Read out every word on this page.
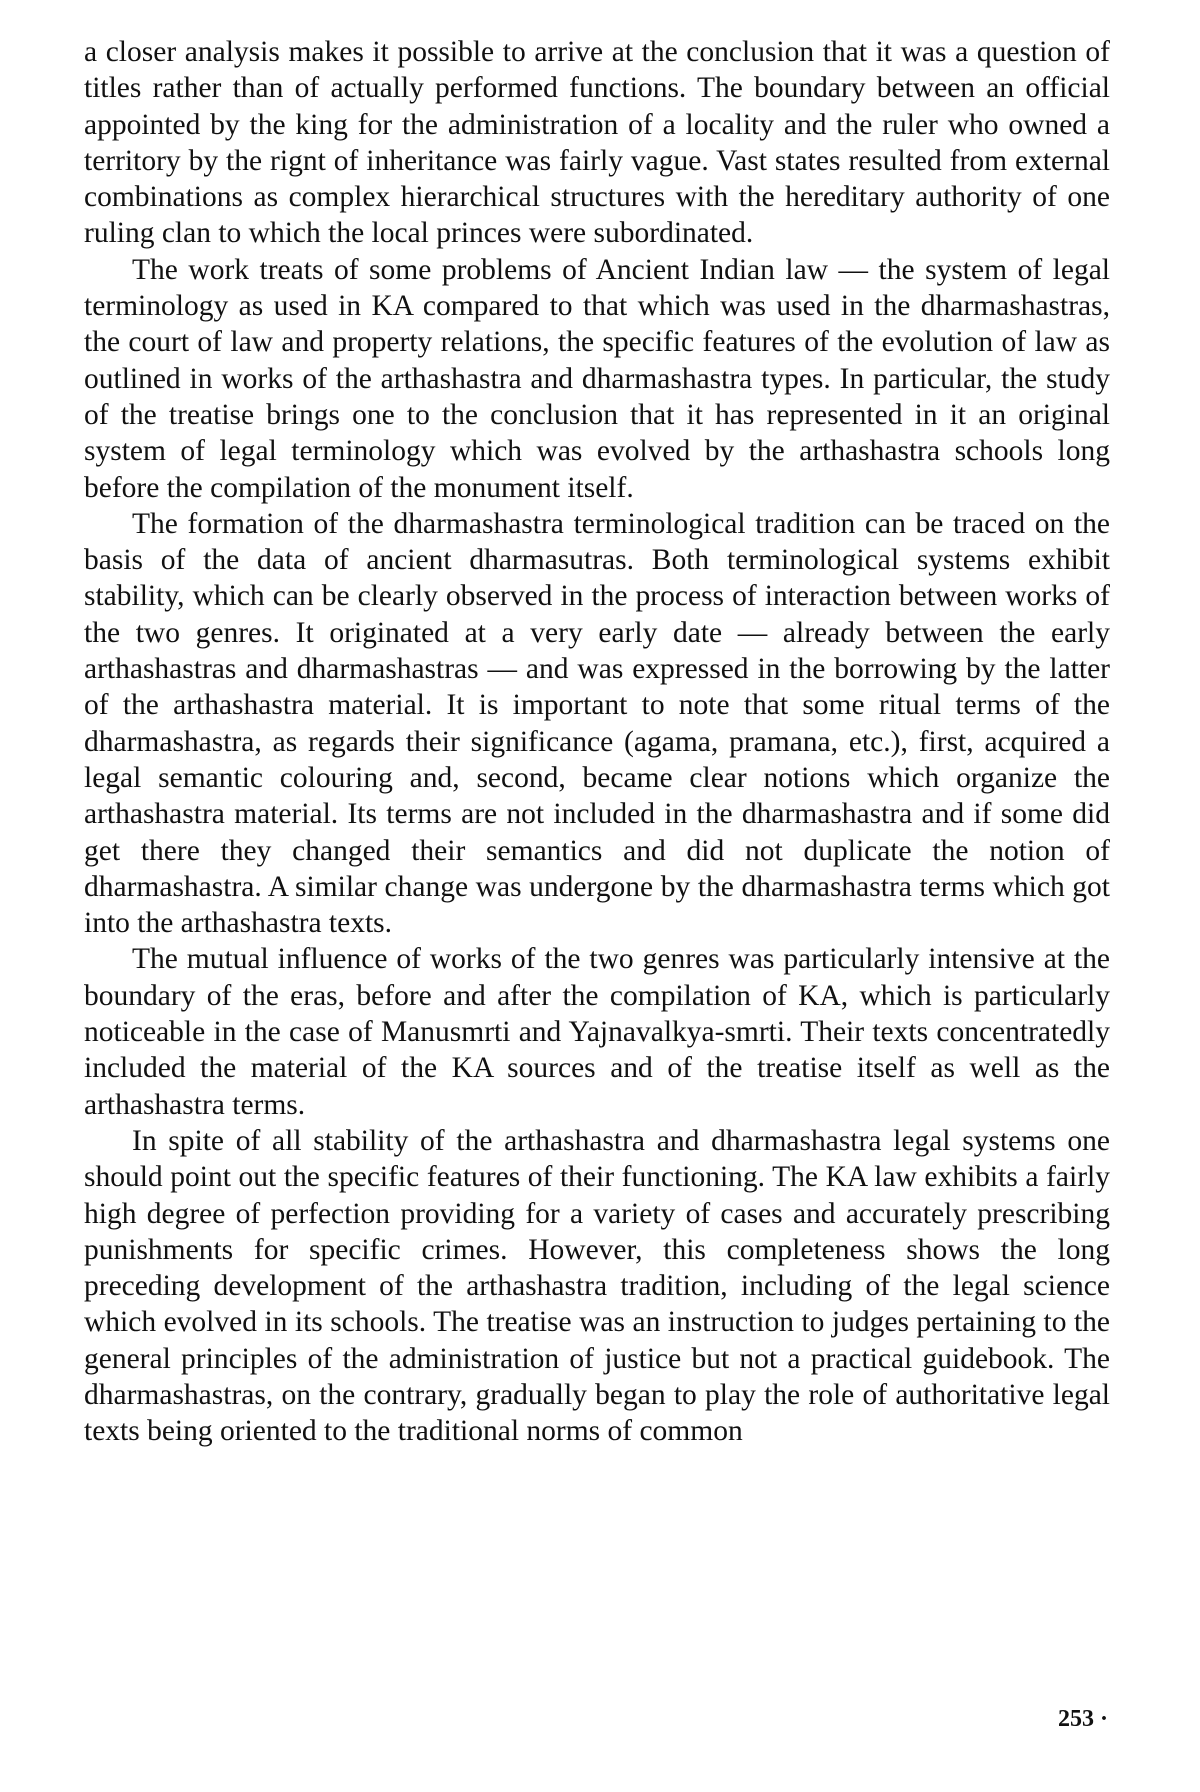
a closer analysis makes it possible to arrive at the conclusion that it was a question of titles rather than of actually performed functions. The boundary between an official appointed by the king for the administration of a locality and the ruler who owned a territory by the rignt of inheritance was fairly vague. Vast states resulted from external combinations as complex hierarchical structures with the hereditary authority of one ruling clan to which the local princes were subordinated.

The work treats of some problems of Ancient Indian law — the system of legal terminology as used in KA compared to that which was used in the dharmashastras, the court of law and property relations, the specific features of the evolution of law as outlined in works of the arthashastra and dharmashastra types. In particular, the study of the treatise brings one to the conclusion that it has represented in it an original system of legal terminology which was evolved by the arthashastra schools long before the compilation of the monument itself.

The formation of the dharmashastra terminological tradition can be traced on the basis of the data of ancient dharmasutras. Both terminological systems exhibit stability, which can be clearly observed in the process of interaction between works of the two genres. It originated at a very early date — already between the early arthashastras and dharmashastras — and was expressed in the borrowing by the latter of the arthashastra material. It is important to note that some ritual terms of the dharmashastra, as regards their significance (agama, pramana, etc.), first, acquired a legal semantic colouring and, second, became clear notions which organize the arthashastra material. Its terms are not included in the dharmashastra and if some did get there they changed their semantics and did not duplicate the notion of dharmashastra. A similar change was undergone by the dharmashastra terms which got into the arthashastra texts.

The mutual influence of works of the two genres was particularly intensive at the boundary of the eras, before and after the compilation of KA, which is particularly noticeable in the case of Manusmrti and Yajnavalkya-smrti. Their texts concentratedly included the material of the KA sources and of the treatise itself as well as the arthashastra terms.

In spite of all stability of the arthashastra and dharmashastra legal systems one should point out the specific features of their functioning. The KA law exhibits a fairly high degree of perfection providing for a variety of cases and accurately prescribing punishments for specific crimes. However, this completeness shows the long preceding development of the arthashastra tradition, including of the legal science which evolved in its schools. The treatise was an instruction to judges pertaining to the general principles of the administration of justice but not a practical guidebook. The dharmashastras, on the contrary, gradually began to play the role of authoritative legal texts being oriented to the traditional norms of common

253 ·
